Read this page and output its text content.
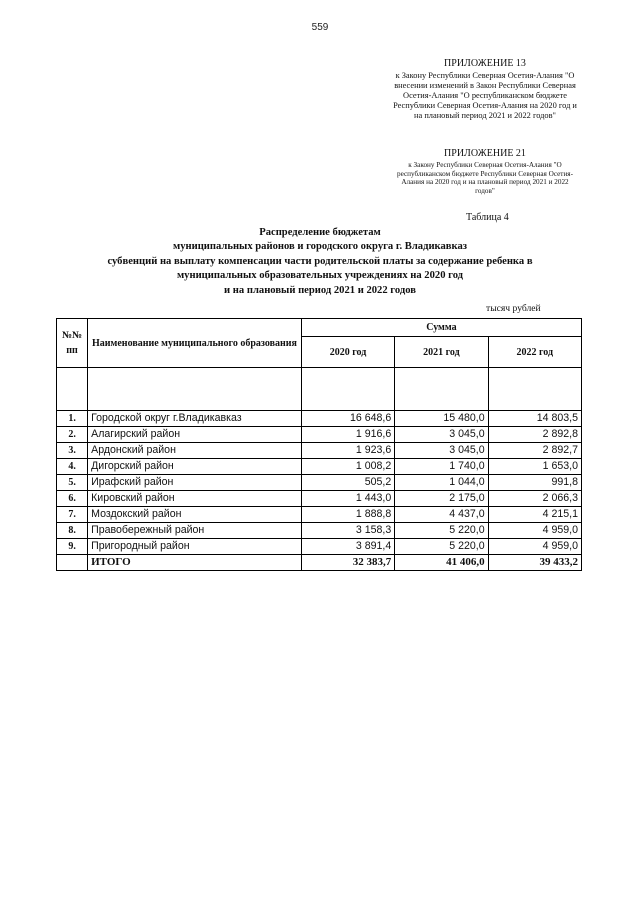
559
ПРИЛОЖЕНИЕ 13
к Закону Республики Северная Осетия-Алания "О внесении изменений в Закон Республики Северная Осетия-Алания "О республиканском бюджете Республики Северная Осетия-Алания на 2020 год и на плановый период 2021 и 2022 годов"
ПРИЛОЖЕНИЕ 21
к Закону Республики Северная Осетия-Алания "О республиканском бюджете Республики Северная Осетия-Алания на 2020 год и на плановый период 2021 и 2022 годов"
Таблица 4
Распределение бюджетам
муниципальных районов и городского округа г. Владикавказ
субвенций на выплату компенсации части родительской платы за содержание ребенка в
муниципальных образовательных учреждениях на 2020 год
и на плановый период 2021 и 2022 годов
тысяч рублей
№№ пп	Наименование муниципального образования	Сумма		
		2020 год	2021 год	2022 год

1.	Городской округ г.Владикавказ	16 648,6	15 480,0	14 803,5
2.	Алагирский район	1 916,6	3 045,0	2 892,8
3.	Ардонский район	1 923,6	3 045,0	2 892,7
4.	Дигорский район	1 008,2	1 740,0	1 653,0
5.	Ирафский район	505,2	1 044,0	991,8
6.	Кировский район	1 443,0	2 175,0	2 066,3
7.	Моздокский район	1 888,8	4 437,0	4 215,1
8.	Правобережный район	3 158,3	5 220,0	4 959,0
9.	Пригородный район	3 891,4	5 220,0	4 959,0
	ИТОГО	32 383,7	41 406,0	39 433,2
